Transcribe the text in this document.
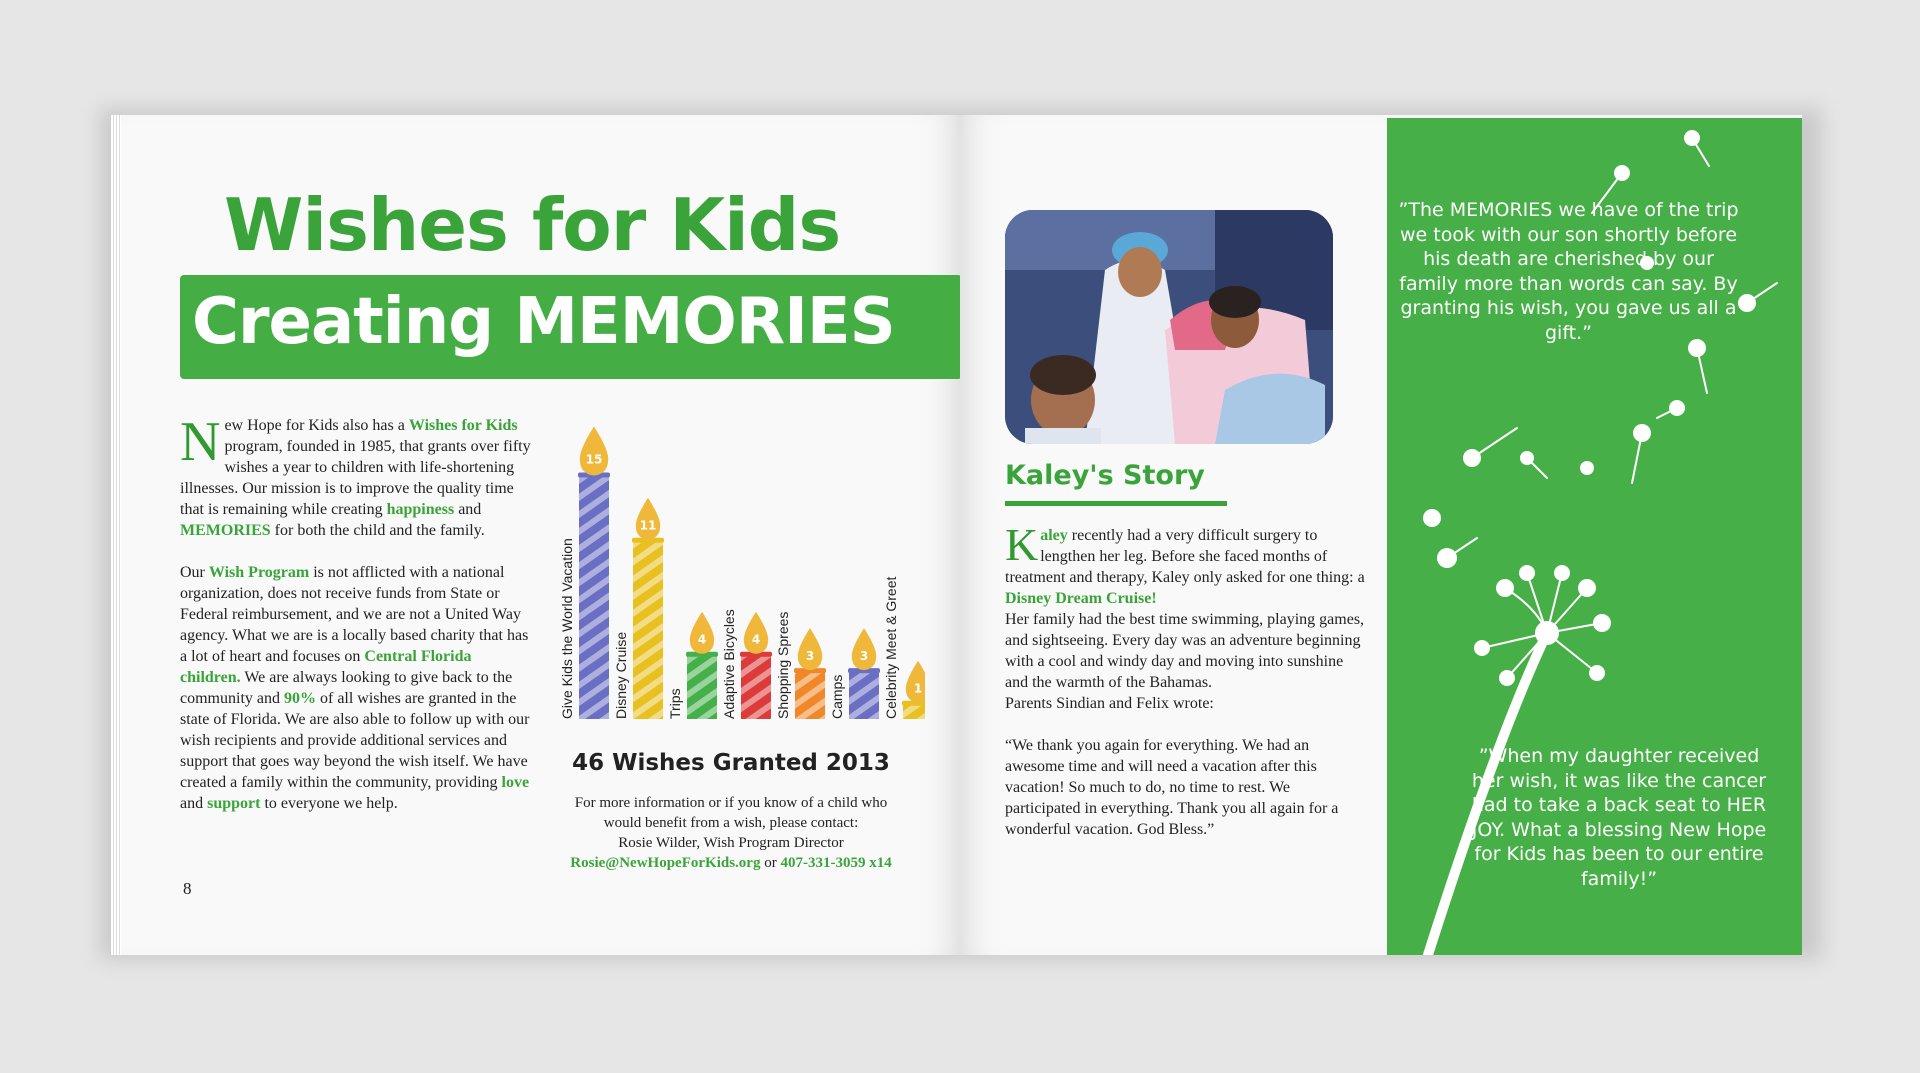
Wishes for Kids
Creating MEMORIES

New Hope for Kids also has a Wishes for Kids program, founded in 1985, that grants over fifty wishes a year to children with life-shortening illnesses. Our mission is to improve the quality time that is remaining while creating happiness and MEMORIES for both the child and the family.

Our Wish Program is not afflicted with a national organization, does not receive funds from State or Federal reimbursement, and we are not a United Way agency. What we are is a locally based charity that has a lot of heart and focuses on Central Florida children. We are always looking to give back to the community and 90% of all wishes are granted in the state of Florida. We are also able to follow up with our wish recipients and provide additional services and support that goes way beyond the wish itself. We have created a family within the community, providing love and support to everyone we help.

Give Kids the World Vacation
15
Disney Cruise
11
Trips
4 Adaptive Bicycles 4 Shopping Sprees 3
Camps
3 Celebrity Meet & Greet 1
46 Wishes Granted 2013
For more information or if you know of a child who
would benefit from a wish, please contact:
Rosie Wilder, Wish Program Director
Rosie@NewHopeForKids.org or 407-331-3059 x14
8
Kaley's Story

Kaley recently had a very difficult surgery to lengthen her leg. Before she faced months of treatment and therapy, Kaley only asked for one thing: a Disney Dream Cruise!

Her family had the best time swimming, playing games, and sightseeing. Every day was an adventure beginning with a cool and windy day and moving into sunshine and the warmth of the Bahamas.

Parents Sindian and Felix wrote:

“We thank you again for everything. We had an awesome time and will need a vacation after this vacation! So much to do, no time to rest. We participated in everything. Thank you all again for a wonderful vacation. God Bless.”

”The MEMORIES we have of the trip we took with our son shortly before his death are cherished by our family more than words can say. By granting his wish, you gave us all a gift.”

”When my daughter received her wish, it was like the cancer had to take a back seat to HER JOY. What a blessing New Hope for Kids has been to our entire family!”
